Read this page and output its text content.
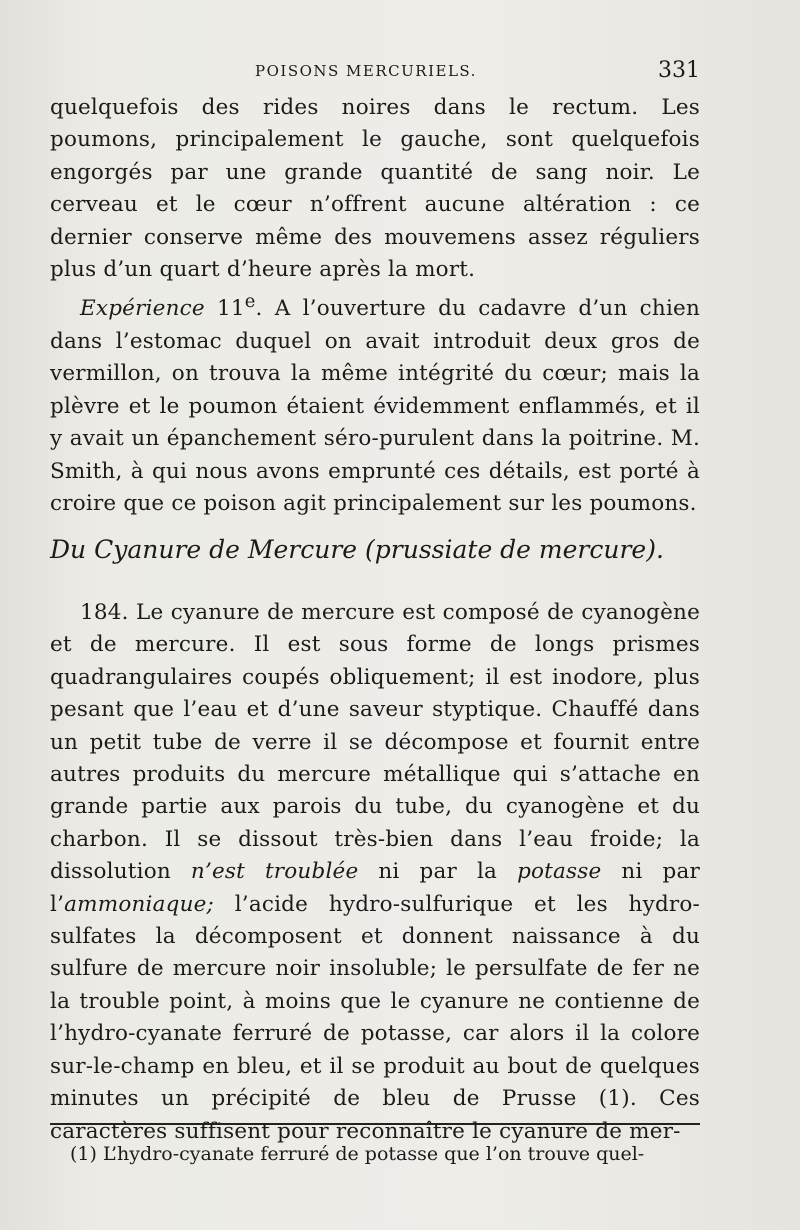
POISONS MERCURIELS.	331

quelquefois des rides noires dans le rectum. Les poumons, principalement le gauche, sont quelquefois engorgés par une grande quantité de sang noir. Le cerveau et le cœur n’offrent aucune altération : ce dernier conserve même des mouvemens assez réguliers plus d’un quart d’heure après la mort.

Expérience 11e. A l’ouverture du cadavre d’un chien dans l’estomac duquel on avait introduit deux gros de vermillon, on trouva la même intégrité du cœur; mais la plèvre et le poumon étaient évidemment enflammés, et il y avait un épanchement séro-purulent dans la poitrine. M. Smith, à qui nous avons emprunté ces détails, est porté à croire que ce poison agit principalement sur les poumons.

Du Cyanure de Mercure (prussiate de mercure).

184. Le cyanure de mercure est composé de cyanogène et de mercure. Il est sous forme de longs prismes quadrangulaires coupés obliquement; il est inodore, plus pesant que l’eau et d’une saveur styptique. Chauffé dans un petit tube de verre il se décompose et fournit entre autres produits du mercure métallique qui s’attache en grande partie aux parois du tube, du cyanogène et du charbon. Il se dissout très-bien dans l’eau froide; la dissolution n’est troublée ni par la potasse ni par l’ammoniaque; l’acide hydro-sulfurique et les hydro-sulfates la décomposent et donnent naissance à du sulfure de mercure noir insoluble; le persulfate de fer ne la trouble point, à moins que le cyanure ne contienne de l’hydro-cyanate ferruré de potasse, car alors il la colore sur-le-champ en bleu, et il se produit au bout de quelques minutes un précipité de bleu de Prusse (1). Ces caractères suffisent pour reconnaître le cyanure de mer-

(1) L’hydro-cyanate ferruré de potasse que l’on trouve quel-
